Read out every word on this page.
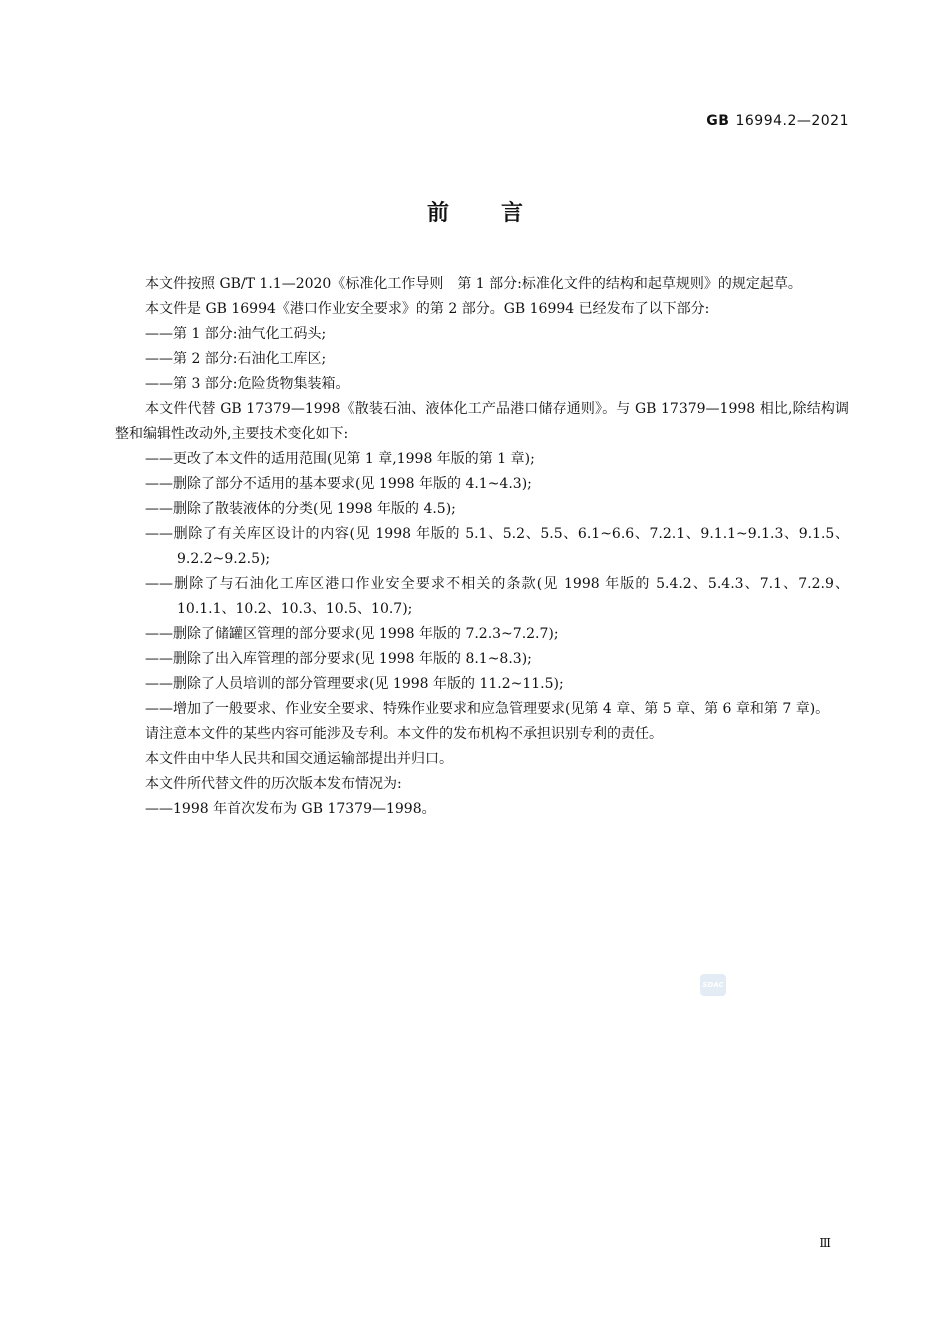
GB 16994.2—2021
前言
本文件按照 GB/T 1.1—2020《标准化工作导则　第 1 部分:标准化文件的结构和起草规则》的规定起草。
本文件是 GB 16994《港口作业安全要求》的第 2 部分。GB 16994 已经发布了以下部分:
——第 1 部分:油气化工码头;
——第 2 部分:石油化工库区;
——第 3 部分:危险货物集装箱。
本文件代替 GB 17379—1998《散装石油、液体化工产品港口储存通则》。与 GB 17379—1998 相比,除结构调整和编辑性改动外,主要技术变化如下:
——更改了本文件的适用范围(见第 1 章,1998 年版的第 1 章);
——删除了部分不适用的基本要求(见 1998 年版的 4.1~4.3);
——删除了散装液体的分类(见 1998 年版的 4.5);
——删除了有关库区设计的内容(见 1998 年版的 5.1、5.2、5.5、6.1~6.6、7.2.1、9.1.1~9.1.3、9.1.5、9.2.2~9.2.5);
——删除了与石油化工库区港口作业安全要求不相关的条款(见 1998 年版的 5.4.2、5.4.3、7.1、7.2.9、10.1.1、10.2、10.3、10.5、10.7);
——删除了储罐区管理的部分要求(见 1998 年版的 7.2.3~7.2.7);
——删除了出入库管理的部分要求(见 1998 年版的 8.1~8.3);
——删除了人员培训的部分管理要求(见 1998 年版的 11.2~11.5);
——增加了一般要求、作业安全要求、特殊作业要求和应急管理要求(见第 4 章、第 5 章、第 6 章和第 7 章)。
请注意本文件的某些内容可能涉及专利。本文件的发布机构不承担识别专利的责任。
本文件由中华人民共和国交通运输部提出并归口。
本文件所代替文件的历次版本发布情况为:
——1998 年首次发布为 GB 17379—1998。
SDAC
Ⅲ
